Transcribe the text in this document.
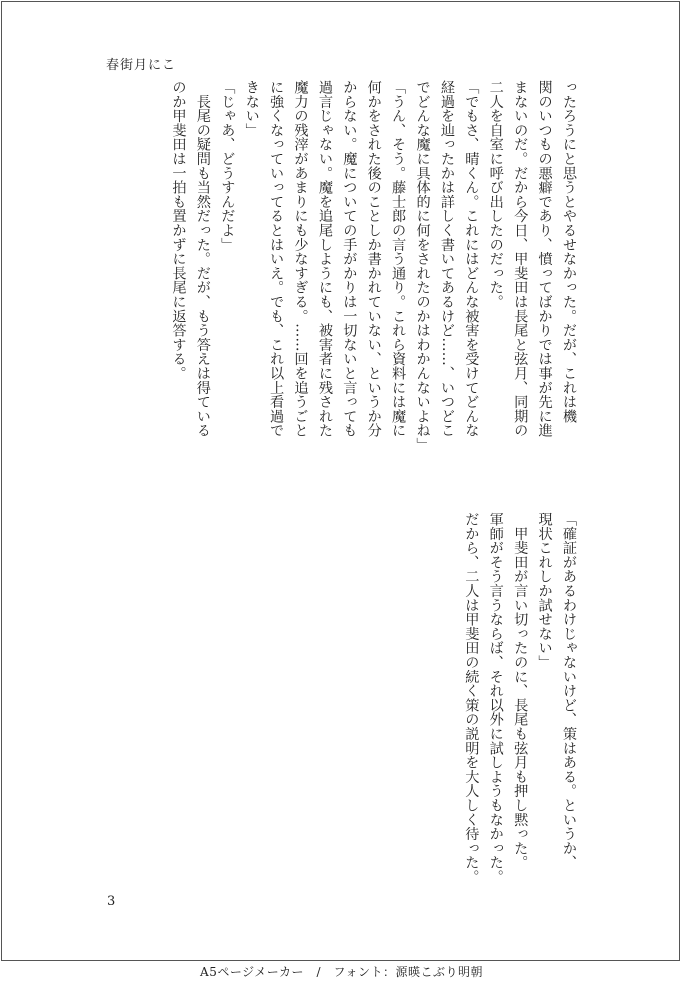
春街月にこ
ったろうにと思うとやるせなかった。だが、これは機
関のいつもの悪癖であり、憤ってばかりでは事が先に進
まないのだ。だから今日、甲斐田は長尾と弦月、同期の
二人を自室に呼び出したのだった。
「でもさ、晴くん。これにはどんな被害を受けてどんな
経過を辿ったかは詳しく書いてあるけど……、いつどこ
でどんな魔に具体的に何をされたのかはわかんないよね」
「うん、そう。藤士郎の言う通り。これら資料には魔に
何かをされた後のことしか書かれていない、というか分
からない。魔についての手がかりは一切ないと言っても
過言じゃない。魔を追尾しようにも、被害者に残された
魔力の残滓があまりにも少なすぎる。……回を追うごと
に強くなっていってるとはいえ。でも、これ以上看過で
きない」
「じゃあ、どうすんだよ」
　長尾の疑問も当然だった。だが、もう答えは得ている
のか甲斐田は一拍も置かずに長尾に返答する。
「確証があるわけじゃないけど、策はある。というか、
現状これしか試せない」
　甲斐田が言い切ったのに、長尾も弦月も押し黙った。
軍師がそう言うならば、それ以外に試しようもなかった。
だから、二人は甲斐田の続く策の説明を大人しく待った。
3
A5ページメーカー　/　フォント：源暎こぶり明朝
